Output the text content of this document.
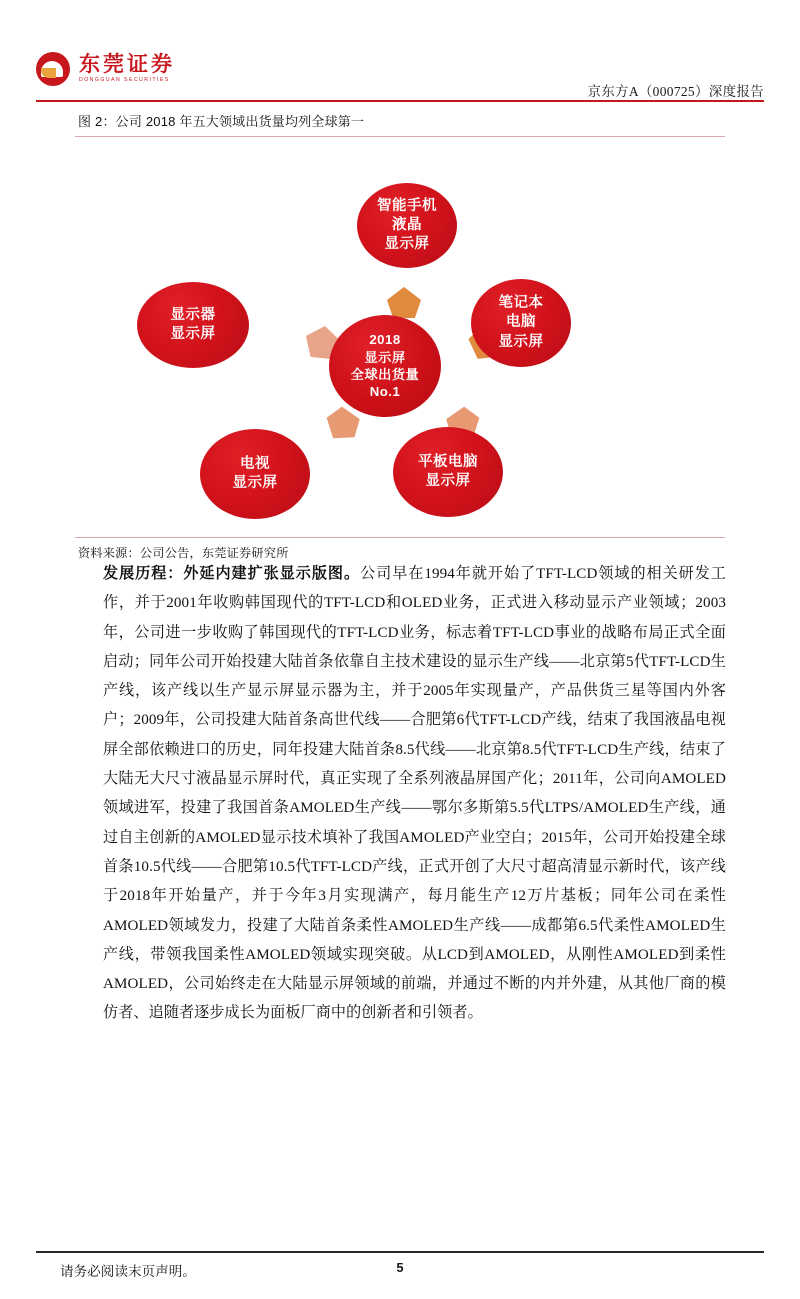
东莞证券
DONGGUAN SECURITIES
京东方A（000725）深度报告
图 2：公司 2018 年五大领域出货量均列全球第一
智能手机
液晶
显示屏
笔记本
电脑
显示屏
平板电脑
显示屏
电视
显示屏
显示器
显示屏	2018
显示屏
全球出货量
No.1
资料来源：公司公告，东莞证券研究所
发展历程：外延内建扩张显示版图。公司早在1994年就开始了TFT-LCD领域的相关研发工作，并于2001年收购韩国现代的TFT-LCD和OLED业务，正式进入移动显示产业领域；2003年，公司进一步收购了韩国现代的TFT-LCD业务，标志着TFT-LCD事业的战略布局正式全面启动；同年公司开始投建大陆首条依靠自主技术建设的显示生产线——北京第5代TFT-LCD生产线，该产线以生产显示屏显示器为主，并于2005年实现量产，产品供货三星等国内外客户；2009年，公司投建大陆首条高世代线——合肥第6代TFT-LCD产线，结束了我国液晶电视屏全部依赖进口的历史，同年投建大陆首条8.5代线——北京第8.5代TFT-LCD生产线，结束了大陆无大尺寸液晶显示屏时代，真正实现了全系列液晶屏国产化；2011年，公司向AMOLED领域进军，投建了我国首条AMOLED生产线——鄂尔多斯第5.5代LTPS/AMOLED生产线，通过自主创新的AMOLED显示技术填补了我国AMOLED产业空白；2015年，公司开始投建全球首条10.5代线——合肥第10.5代TFT-LCD产线，正式开创了大尺寸超高清显示新时代，该产线于2018年开始量产，并于今年3月实现满产，每月能生产12万片基板；同年公司在柔性AMOLED领域发力，投建了大陆首条柔性AMOLED生产线——成都第6.5代柔性AMOLED生产线，带领我国柔性AMOLED领域实现突破。从LCD到AMOLED，从刚性AMOLED到柔性AMOLED，公司始终走在大陆显示屏领域的前端，并通过不断的内并外建，从其他厂商的模仿者、追随者逐步成长为面板厂商中的创新者和引领者。
请务必阅读末页声明。	5
